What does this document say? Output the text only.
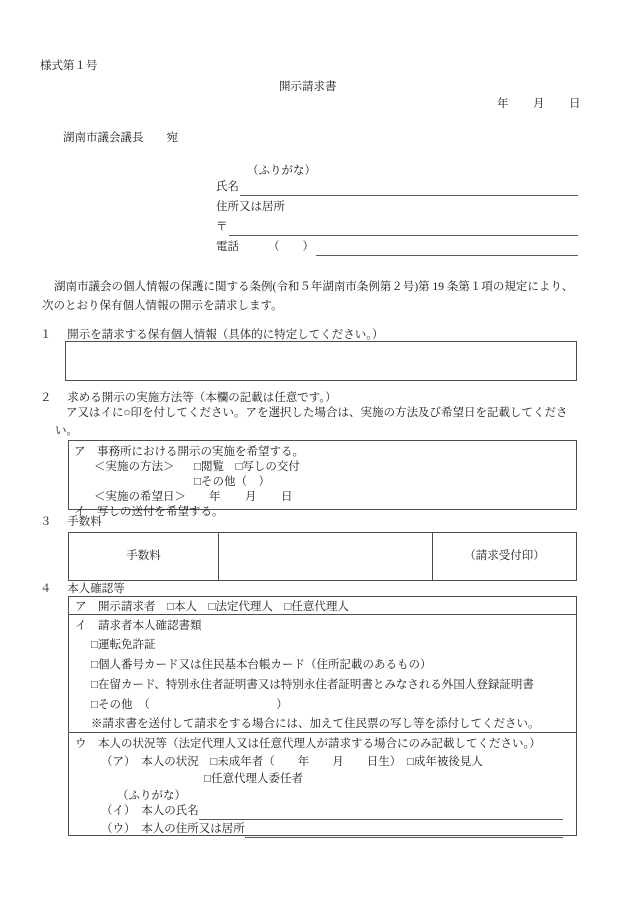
様式第１号
開示請求書
年　　月　　日
湖南市議会議長　　宛
（ふりがな）
氏名
住所又は居所
〒
電話	（　　）
湖南市議会の個人情報の保護に関する条例(令和５年湖南市条例第２号)第 19 条第１項の規定により、次のとおり保有個人情報の開示を請求します。
１ 開示を請求する保有個人情報（具体的に特定してください。）
２ 求める開示の実施方法等（本欄の記載は任意です。）
ア又はイに○印を付してください。アを選択した場合は、実施の方法及び希望日を記載してください。
ア　事務所における開示の実施を希望する。
＜実施の方法＞ □閲覧　□写しの交付
□その他（　）
＜実施の希望日＞ 年　　月　　日
イ　写しの送付を希望する。
３ 手数料
手数料	（請求受付印）
４ 本人確認等
ア　開示請求者　□本人　□法定代理人　□任意代理人
イ　請求者本人確認書類
□運転免許証
□個人番号カード又は住民基本台帳カード（住所記載のあるもの）
□在留カード、特別永住者証明書又は特別永住者証明書とみなされる外国人登録証明書
□その他　（　　　　　　　　　　　）
※請求書を送付して請求をする場合には、加えて住民票の写し等を添付してください。
ウ　本人の状況等（法定代理人又は任意代理人が請求する場合にのみ記載してください。）
（ア）　本人の状況　□未成年者（　　年　　月　　日生）　□成年被後見人
□任意代理人委任者
（ふりがな）
（イ）　本人の氏名
（ウ）　本人の住所又は居所
